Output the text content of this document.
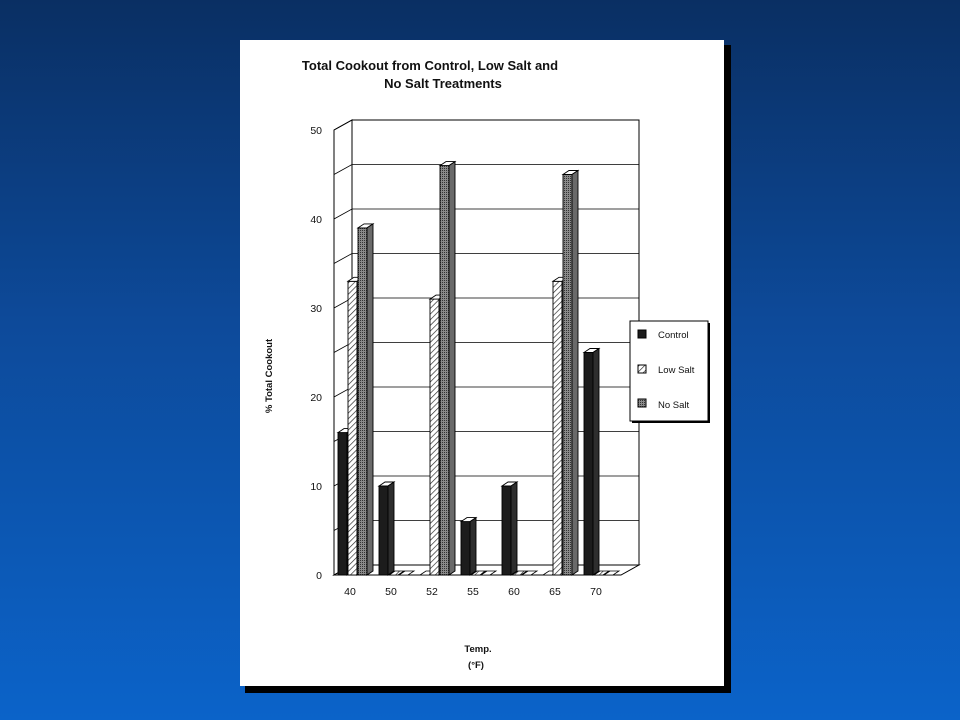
Total Cookout from Control, Low Salt and
No Salt Treatments
0
10
20
30
40
50
40	50	52	55	60	65	70
% Total Cookout
Temp.
(°F)
Control
Low Salt
No Salt
